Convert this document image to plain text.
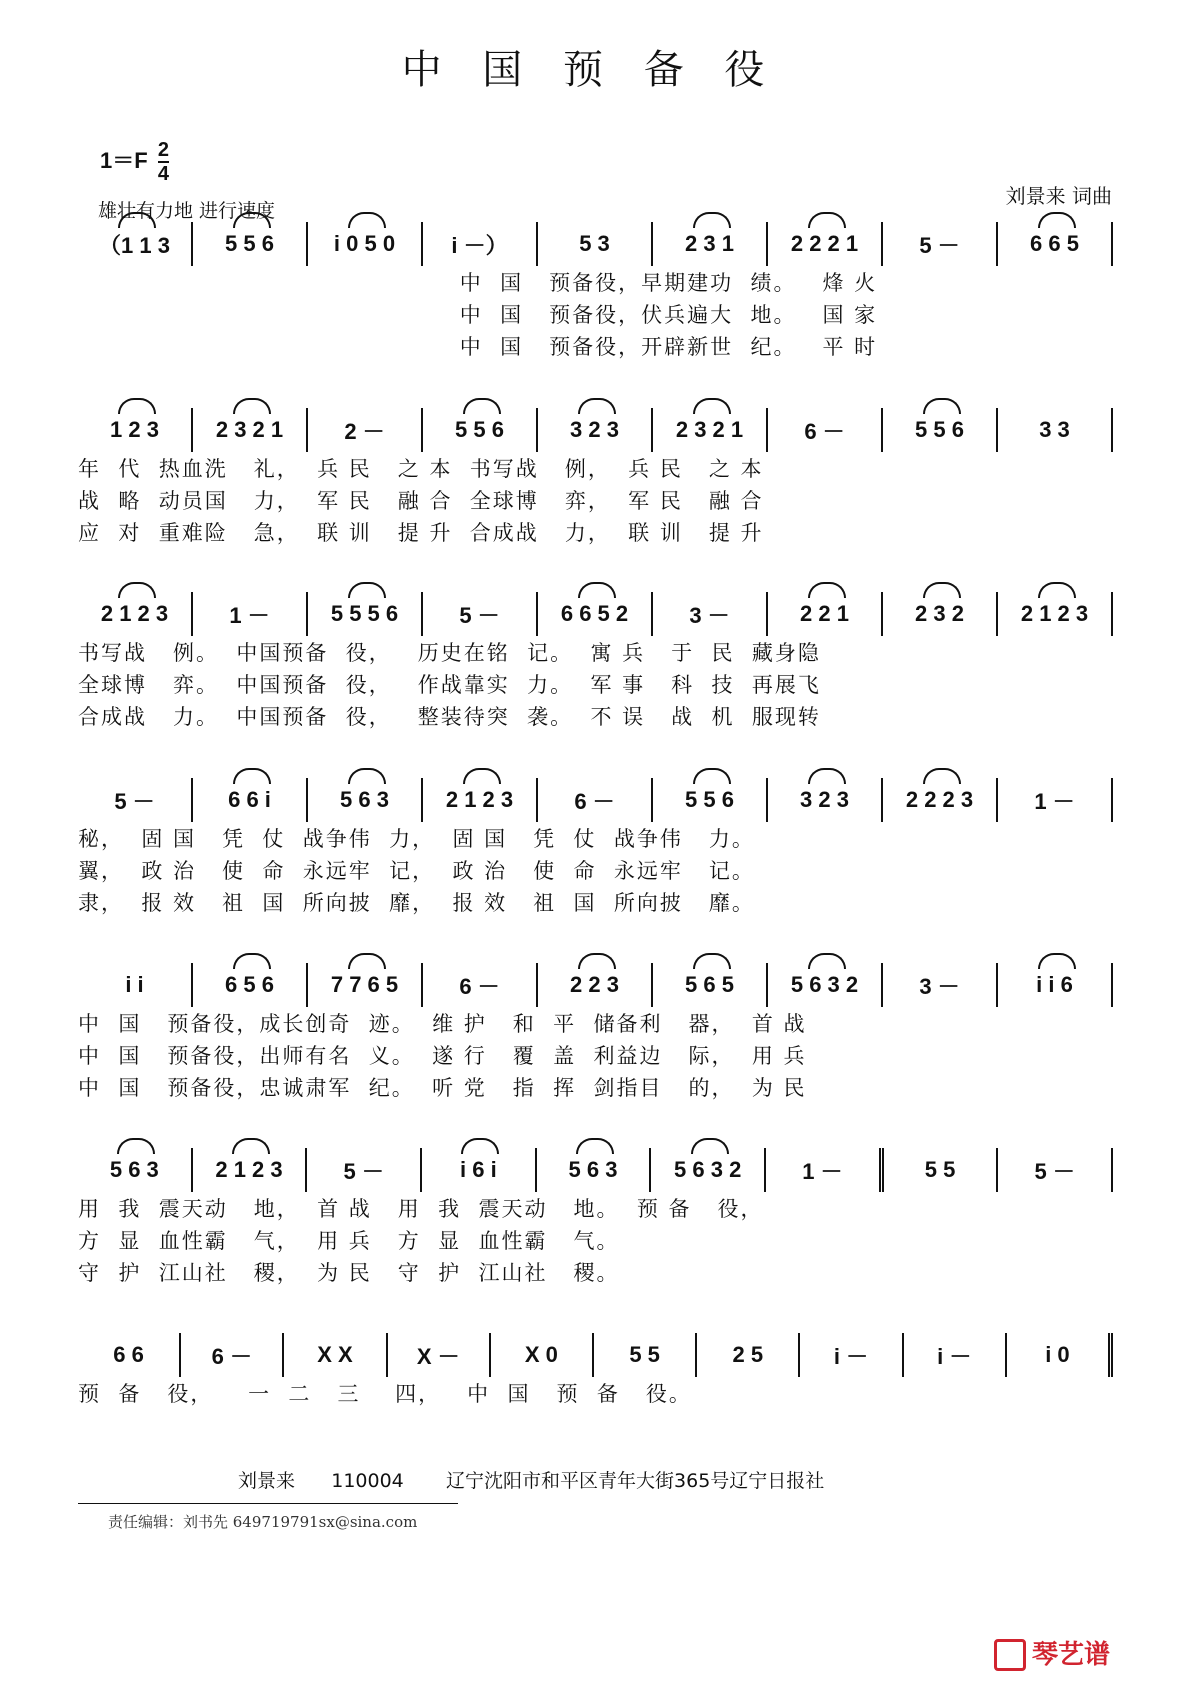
中 国 预 备 役
$1=F \frac{2}{4}$
雄壮有力地 进行速度
刘景来 词曲
（1 1 3	5 5 6	i 0 5 0	i －）	5 3	2 3 1	2 2 2 1	5 －	6 6 5
中  国   预备役，早期建功  绩。   烽 火
中  国   预备役，伏兵遍大  地。   国 家
中  国   预备役，开辟新世  纪。   平 时
1 2 3	2 3 2 1	2 －	5 5 6	3 2 3	2 3 2 1	6 －	5 5 6	3 3
年  代  热血洗   礼，  兵 民   之 本  书写战   例，  兵 民   之 本
战  略  动员国   力，  军 民   融 合  全球博   弈，  军 民   融 合
应  对  重难险   急，  联 训   提 升  合成战   力，  联 训   提 升
2 1 2 3	1 －	5 5 5 6	5 －	6 6 5 2	3 －	2 2 1	2 3 2	2 1 2 3
书写战   例。  中国预备  役，   历史在铭  记。  寓 兵   于  民  藏身隐
全球博   弈。  中国预备  役，   作战靠实  力。  军 事   科  技  再展飞
合成战   力。  中国预备  役，   整装待突  袭。  不 误   战  机  服现转
5 －	6 6 i	5 6 3	2 1 2 3	6 －	5 5 6	3 2 3	2 2 2 3	1 －
秘，  固 国   凭  仗  战争伟  力，  固 国   凭  仗  战争伟   力。
翼，  政 治   使  命  永远牢  记，  政 治   使  命  永远牢   记。
隶，  报 效   祖  国  所向披  靡，  报 效   祖  国  所向披   靡。
i i	6 5 6	7 7 6 5	6 －	2 2 3	5 6 5	5 6 3 2	3 －	i i 6
中  国   预备役，成长创奇  迹。  维 护   和  平  储备利   器，  首 战
中  国   预备役，出师有名  义。  遂 行   覆  盖  利益边   际，  用 兵
中  国   预备役，忠诚肃军  纪。  听 党   指  挥  剑指目   的，  为 民
5 6 3	2 1 2 3	5 －	i 6 i	5 6 3	5 6 3 2	1 －	5 5	5 －
用  我  震天动   地，  首 战   用  我  震天动   地。  预 备   役，
方  显  血性霸   气，  用 兵   方  显  血性霸   气。
守  护  江山社   稷，  为 民   守  护  江山社   稷。
6 6	6 －	X X	X －	X 0	5 5	2 5	i －	i －	i 0
预  备   役，    一  二   三    四，   中  国   预  备   役。
刘景来      110004       辽宁沈阳市和平区青年大街365号辽宁日报社
责任编辑：刘书先 649719791sx@sina.com
琴艺谱
